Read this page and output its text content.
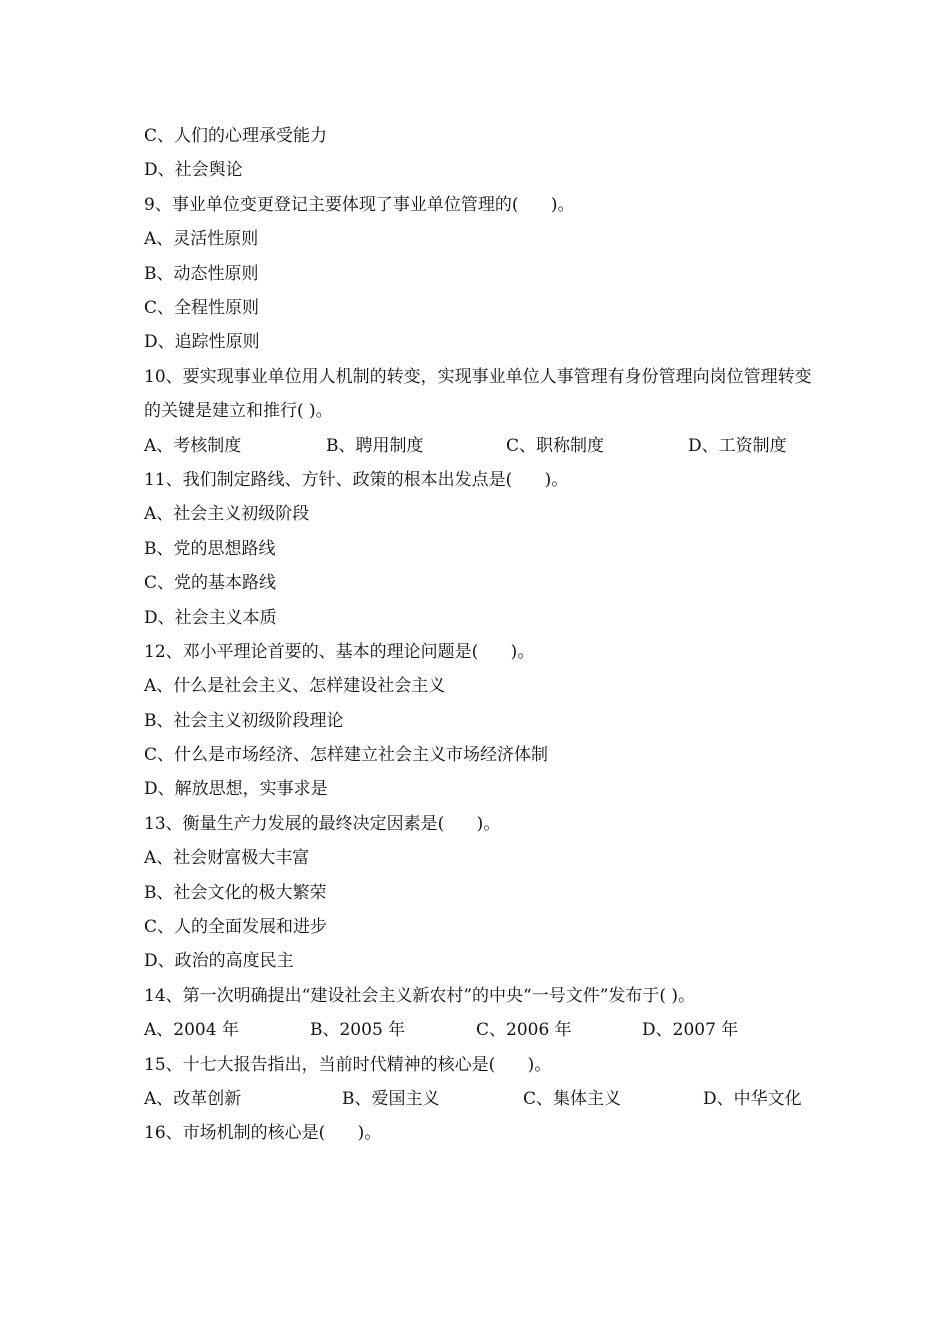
C、人们的心理承受能力
D、社会舆论
9、事业单位变更登记主要体现了事业单位管理的(      )。
A、灵活性原则
B、动态性原则
C、全程性原则
D、追踪性原则
10、要实现事业单位用人机制的转变，实现事业单位人事管理有身份管理向岗位管理转变的关键是建立和推行( )。
A、考核制度	B、聘用制度	C、职称制度	D、工资制度
11、我们制定路线、方针、政策的根本出发点是(      )。
A、社会主义初级阶段
B、党的思想路线
C、党的基本路线
D、社会主义本质
12、邓小平理论首要的、基本的理论问题是(      )。
A、什么是社会主义、怎样建设社会主义
B、社会主义初级阶段理论
C、什么是市场经济、怎样建立社会主义市场经济体制
D、解放思想，实事求是
13、衡量生产力发展的最终决定因素是(      )。
A、社会财富极大丰富
B、社会文化的极大繁荣
C、人的全面发展和进步
D、政治的高度民主
14、第一次明确提出“建设社会主义新农村”的中央“一号文件”发布于( )。
A、2004 年	B、2005 年	C、2006 年	D、2007 年
15、十七大报告指出，当前时代精神的核心是(      )。
A、改革创新	B、爱国主义	C、集体主义	D、中华文化
16、市场机制的核心是(      )。
